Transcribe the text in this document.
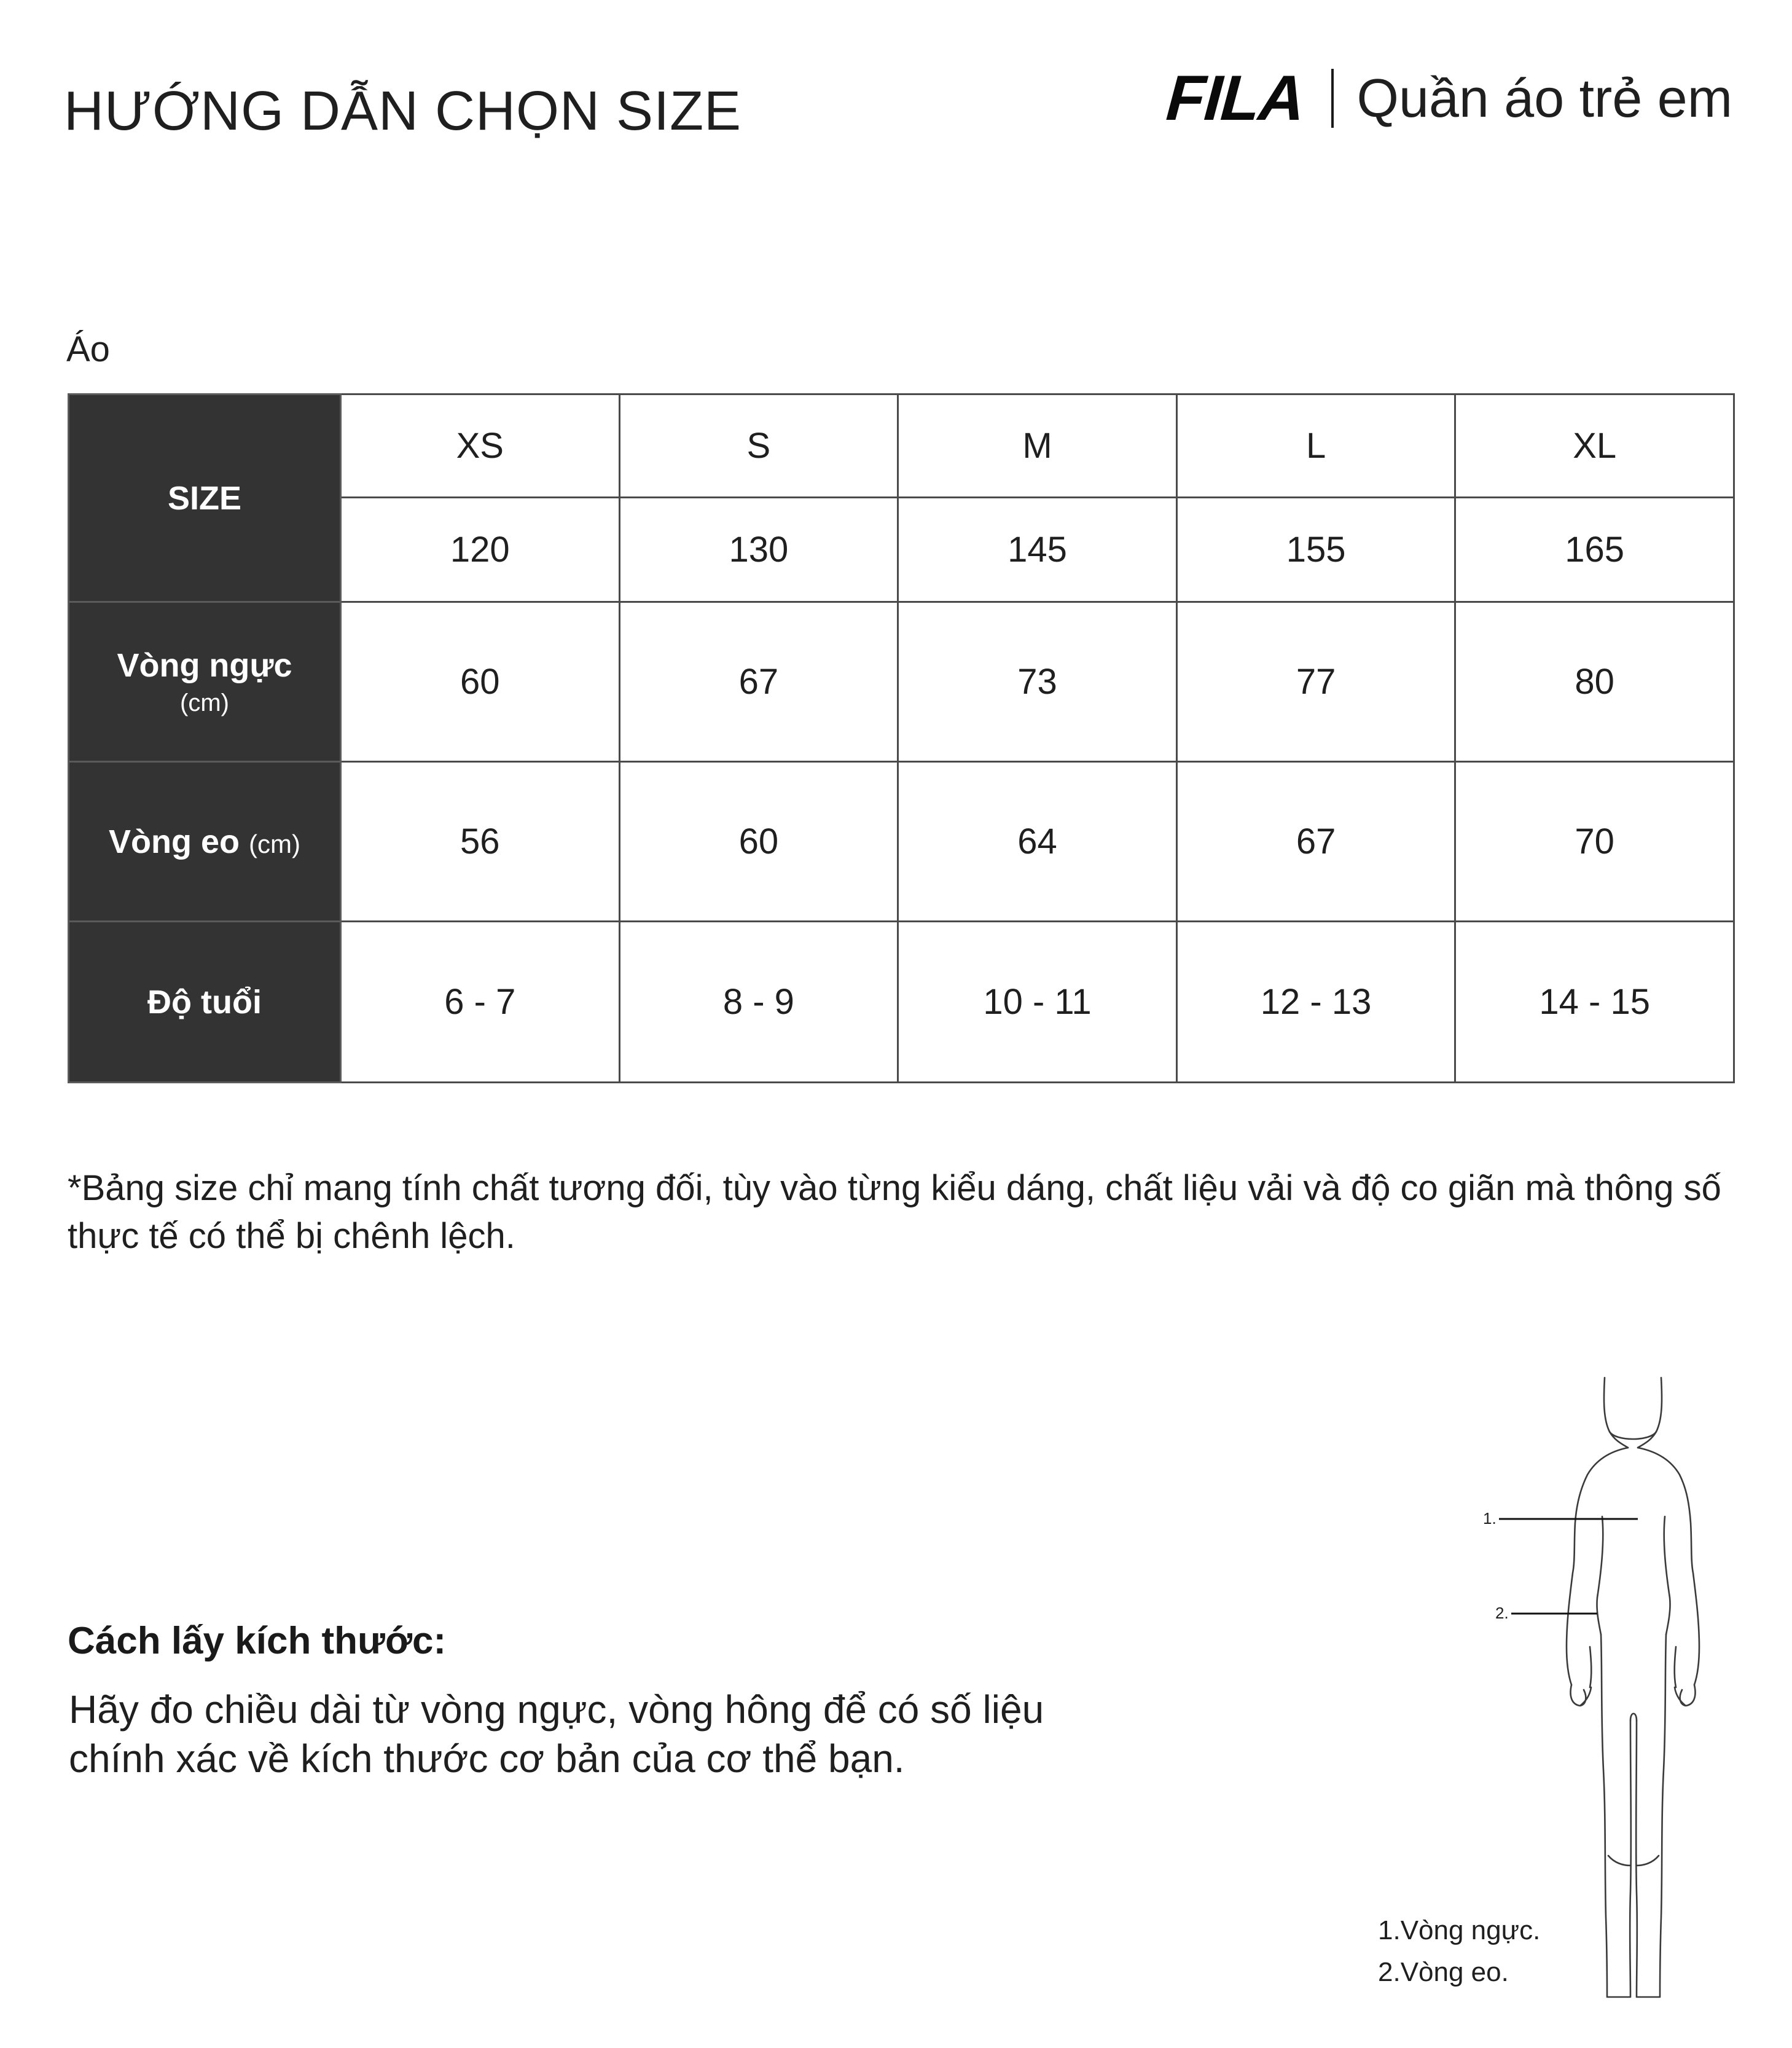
HƯỚNG DẪN CHỌN SIZE	FILA Quần áo trẻ em
Áo
SIZE	XS	S	M	L	XL
	120	130	145	155	165
Vòng ngực
(cm)	60	67	73	77	80
Vòng eo (cm)	56	60	64	67	70
Độ tuổi	6 - 7	8 - 9	10 - 11	12 - 13	14 - 15
*Bảng size chỉ mang tính chất tương đối, tùy vào từng kiểu dáng, chất liệu vải và độ co giãn mà thông số thực tế có thể bị chênh lệch.
Cách lấy kích thước:
Hãy đo chiều dài từ vòng ngực, vòng hông để có số liệu chính xác về kích thước cơ bản của cơ thể bạn.
1.
2.
1.Vòng ngực.
2.Vòng eo.
